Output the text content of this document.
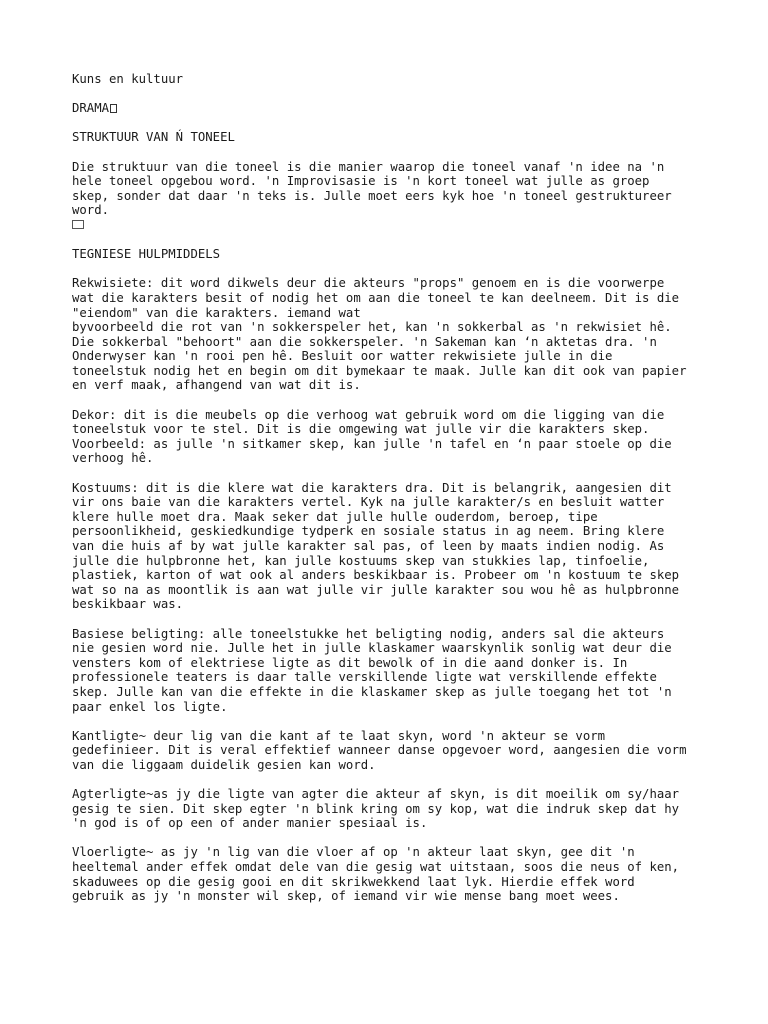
Kuns en kultuur

DRAMA

STRUKTUUR VAN Ń TONEEL

Die struktuur van die toneel is die manier waarop die toneel vanaf 'n idee na 'n
hele toneel opgebou word. 'n Improvisasie is 'n kort toneel wat julle as groep
skep, sonder dat daar 'n teks is. Julle moet eers kyk hoe 'n toneel gestruktureer
word.

TEGNIESE HULPMIDDELS

Rekwisiete: dit word dikwels deur die akteurs "props" genoem en is die voorwerpe
wat die karakters besit of nodig het om aan die toneel te kan deelneem. Dit is die
"eiendom" van die karakters. iemand wat
byvoorbeeld die rot van 'n sokkerspeler het, kan 'n sokkerbal as 'n rekwisiet hê.
Die sokkerbal "behoort" aan die sokkerspeler. 'n Sakeman kan ‘n aktetas dra. 'n
Onderwyser kan 'n rooi pen hê. Besluit oor watter rekwisiete julle in die
toneelstuk nodig het en begin om dit bymekaar te maak. Julle kan dit ook van papier
en verf maak, afhangend van wat dit is.

Dekor: dit is die meubels op die verhoog wat gebruik word om die ligging van die
toneelstuk voor te stel. Dit is die omgewing wat julle vir die karakters skep.
Voorbeeld: as julle 'n sitkamer skep, kan julle 'n tafel en ‘n paar stoele op die
verhoog hê.

Kostuums: dit is die klere wat die karakters dra. Dit is belangrik, aangesien dit
vir ons baie van die karakters vertel. Kyk na julle karakter/s en besluit watter
klere hulle moet dra. Maak seker dat julle hulle ouderdom, beroep, tipe
persoonlikheid, geskiedkundige tydperk en sosiale status in ag neem. Bring klere
van die huis af by wat julle karakter sal pas, of leen by maats indien nodig. As
julle die hulpbronne het, kan julle kostuums skep van stukkies lap, tinfoelie,
plastiek, karton of wat ook al anders beskikbaar is. Probeer om 'n kostuum te skep
wat so na as moontlik is aan wat julle vir julle karakter sou wou hê as hulpbronne
beskikbaar was.

Basiese beligting: alle toneelstukke het beligting nodig, anders sal die akteurs
nie gesien word nie. Julle het in julle klaskamer waarskynlik sonlig wat deur die
vensters kom of elektriese ligte as dit bewolk of in die aand donker is. In
professionele teaters is daar talle verskillende ligte wat verskillende effekte
skep. Julle kan van die effekte in die klaskamer skep as julle toegang het tot 'n
paar enkel los ligte.

Kantligte~ deur lig van die kant af te laat skyn, word 'n akteur se vorm
gedefinieer. Dit is veral effektief wanneer danse opgevoer word, aangesien die vorm
van die liggaam duidelik gesien kan word.

Agterligte~as jy die ligte van agter die akteur af skyn, is dit moeilik om sy/haar
gesig te sien. Dit skep egter 'n blink kring om sy kop, wat die indruk skep dat hy
'n god is of op een of ander manier spesiaal is.

Vloerligte~ as jy 'n lig van die vloer af op 'n akteur laat skyn, gee dit 'n
heeltemal ander effek omdat dele van die gesig wat uitstaan, soos die neus of ken,
skaduwees op die gesig gooi en dit skrikwekkend laat lyk. Hierdie effek word
gebruik as jy 'n monster wil skep, of iemand vir wie mense bang moet wees.
